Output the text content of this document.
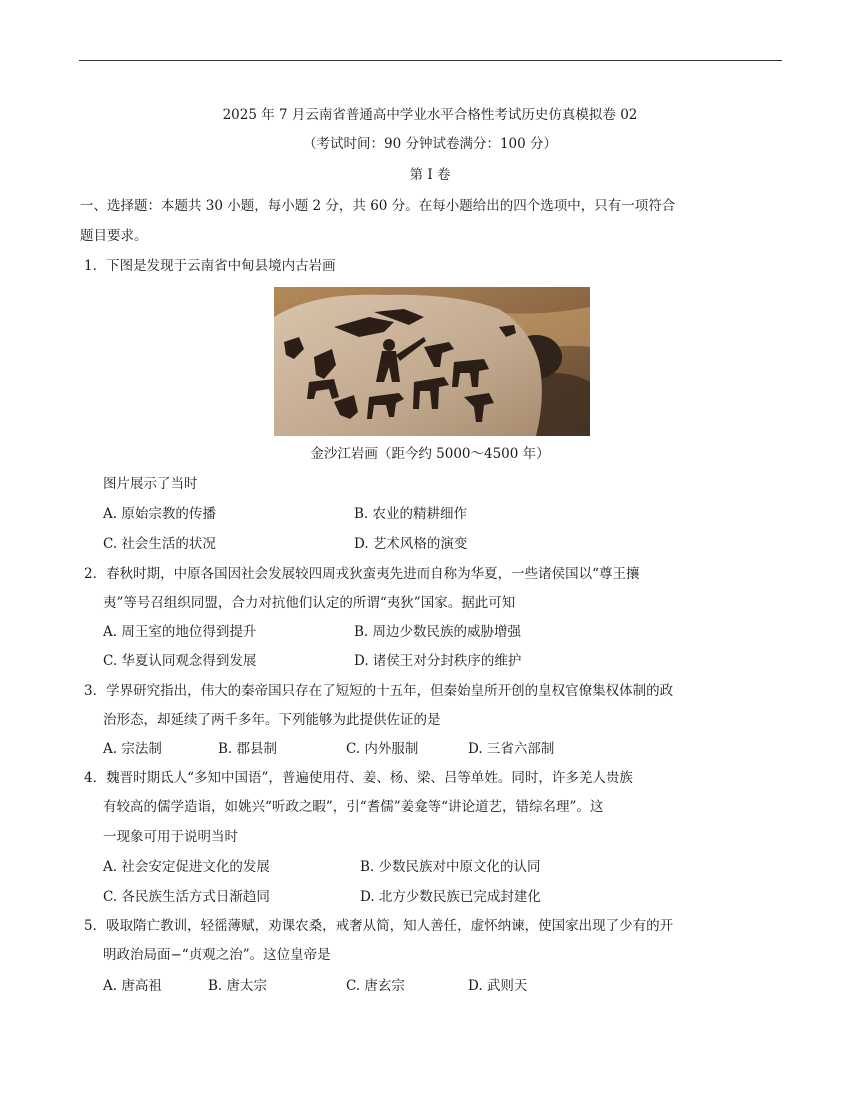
2025 年 7 月云南省普通高中学业水平合格性考试历史仿真模拟卷 02
（考试时间：90 分钟试卷满分：100 分）
第 I 卷
一、选择题：本题共 30 小题，每小题 2 分，共 60 分。在每小题给出的四个选项中，只有一项符合
题目要求。
1．下图是发现于云南省中甸县境内古岩画
金沙江岩画（距今约 5000～4500 年）
图片展示了当时
A. 原始宗教的传播	B. 农业的精耕细作
C. 社会生活的状况	D. 艺术风格的演变
2．春秋时期，中原各国因社会发展较四周戎狄蛮夷先进而自称为华夏，一些诸侯国以“尊王攘
夷”等号召组织同盟，合力对抗他们认定的所谓“夷狄”国家。据此可知
A. 周王室的地位得到提升	B. 周边少数民族的威胁增强
C. 华夏认同观念得到发展	D. 诸侯王对分封秩序的维护
3．学界研究指出，伟大的秦帝国只存在了短短的十五年，但秦始皇所开创的皇权官僚集权体制的政
治形态，却延续了两千多年。下列能够为此提供佐证的是
A. 宗法制	B. 郡县制	C. 内外服制	D. 三省六部制
4．魏晋时期氐人“多知中国语”，普遍使用苻、姜、杨、梁、吕等单姓。同时，许多羌人贵族
有较高的儒学造诣，如姚兴“听政之暇”，引“耆儒”姜龛等“讲论道艺，错综名理”。这
一现象可用于说明当时
A. 社会安定促进文化的发展	B. 少数民族对中原文化的认同
C. 各民族生活方式日渐趋同	D. 北方少数民族已完成封建化
5．吸取隋亡教训，轻徭薄赋，劝课农桑，戒奢从简，知人善任，虚怀纳谏，使国家出现了少有的开
明政治局面−“贞观之治”。这位皇帝是
A. 唐高祖	B. 唐太宗	C. 唐玄宗	D. 武则天
